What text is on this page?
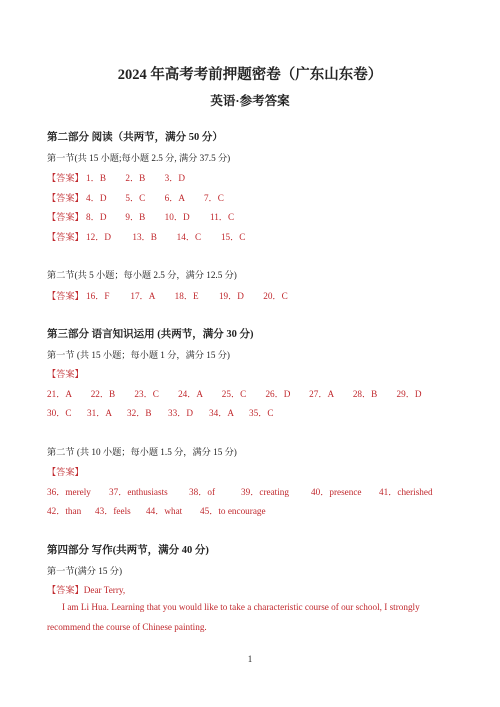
2024 年高考考前押题密卷（广东山东卷）
英语·参考答案
第二部分 阅读（共两节，满分 50 分）
第一节(共 15 小题;每小题 2.5 分, 满分 37.5 分)
【答案】 1．B 2．B 3．D
【答案】 4．D 5．C 6．A 7．C
【答案】 8．D 9．B 10．D 11．C
【答案】 12．D 13．B 14．C 15．C
第二节(共 5 小题；每小题 2.5 分，满分 12.5 分)
【答案】 16．F 17．A 18．E 19．D 20．C
第三部分 语言知识运用 (共两节，满分 30 分)
第一节 (共 15 小题；每小题 1 分，满分 15 分)
【答案】
21．A 22．B 23．C 24．A 25．C 26．D 27．A 28．B 29．D
30．C 31．A 32．B 33．D 34．A 35．C
第二节 (共 10 小题；每小题 1.5 分，满分 15 分)
【答案】
36．merely 37．enthusiasts 38．of	39．creating 40．presence 41．cherished
42．than 43．feels 44．what 45．to encourage
第四部分 写作(共两节，满分 40 分)
第一节(满分 15 分)
【答案】Dear Terry,
I am Li Hua. Learning that you would like to take a characteristic course of our school, I strongly
recommend the course of Chinese painting.
1
